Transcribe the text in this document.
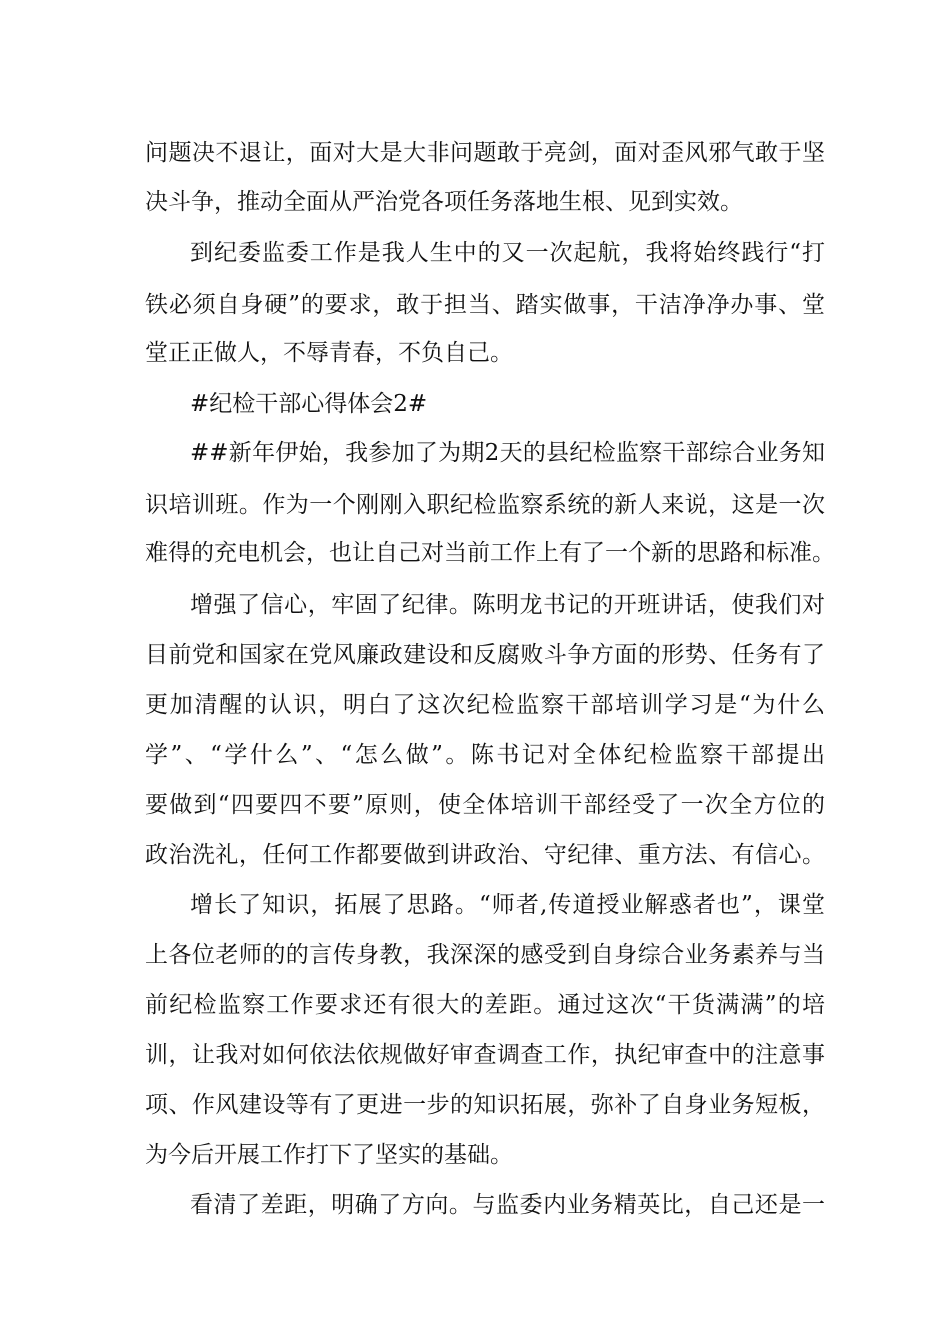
问题决不退让，面对大是大非问题敢于亮剑，面对歪风邪气敢于坚

决斗争，推动全面从严治党各项任务落地生根、见到实效。

到纪委监委工作是我人生中的又一次起航，我将始终践行“打

铁必须自身硬”的要求，敢于担当、踏实做事，干洁净净办事、堂

堂正正做人，不辱青春，不负自己。

#纪检干部心得体会2#

##新年伊始，我参加了为期2天的县纪检监察干部综合业务知

识培训班。作为一个刚刚入职纪检监察系统的新人来说，这是一次

难得的充电机会，也让自己对当前工作上有了一个新的思路和标准。

增强了信心，牢固了纪律。陈明龙书记的开班讲话，使我们对

目前党和国家在党风廉政建设和反腐败斗争方面的形势、任务有了

更加清醒的认识，明白了这次纪检监察干部培训学习是“为什么

学”、“学什么”、“怎么做”。陈书记对全体纪检监察干部提出

要做到“四要四不要”原则，使全体培训干部经受了一次全方位的

政治洗礼，任何工作都要做到讲政治、守纪律、重方法、有信心。

增长了知识，拓展了思路。“师者,传道授业解惑者也”，课堂

上各位老师的的言传身教，我深深的感受到自身综合业务素养与当

前纪检监察工作要求还有很大的差距。通过这次“干货满满”的培

训，让我对如何依法依规做好审查调查工作，执纪审查中的注意事

项、作风建设等有了更进一步的知识拓展，弥补了自身业务短板，

为今后开展工作打下了坚实的基础。

看清了差距，明确了方向。与监委内业务精英比，自己还是一
